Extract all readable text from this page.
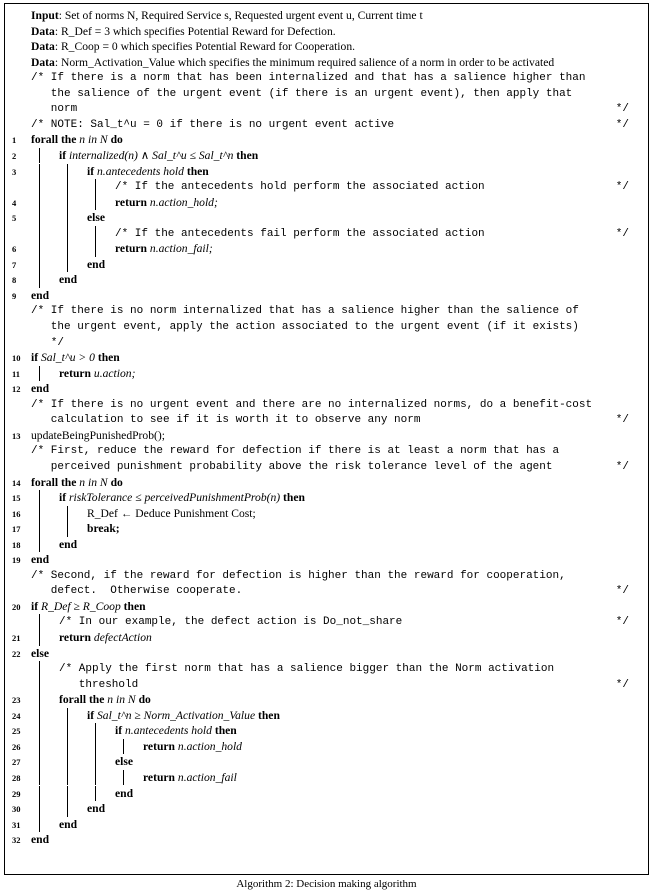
Input: Set of norms N, Required Service s, Requested urgent event u, Current time t
Data: R_Def = 3 which specifies Potential Reward for Defection.
Data: R_Coop = 0 which specifies Potential Reward for Cooperation.
Data: Norm_Activation_Value which specifies the minimum required salience of a norm in order to be activated
/* If there is a norm that has been internalized and that has a salience higher than
the salience of the urgent event (if there is an urgent event), then apply that
norm	*/
/* NOTE: Sal_t^u = 0 if there is no urgent event active	*/
1	forall the n in N do
2	if internalized(n) ∧ Sal_t^u ≤ Sal_t^n then
3	if n.antecedents hold then
/* If the antecedents hold perform the associated action	*/
4	return n.action_hold;
5	else
/* If the antecedents fail perform the associated action	*/
6	return n.action_fail;
7	end
8	end
9	end
/* If there is no norm internalized that has a salience higher than the salience of
the urgent event, apply the action associated to the urgent event (if it exists)
*/
10 if Sal_t^u > 0 then
11	return u.action;
12 end
/* If there is no urgent event and there are no internalized norms, do a benefit-cost
calculation to see if it is worth it to observe any norm	*/
13 updateBeingPunishedProb();
/* First, reduce the reward for defection if there is at least a norm that has a
perceived punishment probability above the risk tolerance level of the agent	*/
14 forall the n in N do
15	if riskTolerance ≤ perceivedPunishmentProb(n) then
16	R_Def ← Deduce Punishment Cost;
17	break;
18	end
19 end
/* Second, if the reward for defection is higher than the reward for cooperation,
defect.  Otherwise cooperate.	*/
20 if R_Def ≥ R_Coop then
/* In our example, the defect action is Do_not_share	*/
21	return defectAction
22 else
/* Apply the first norm that has a salience bigger than the Norm activation
threshold	*/
23	forall the n in N do
24	if Sal_t^n ≥ Norm_Activation_Value then
25	if n.antecedents hold then
26	return n.action_hold
27	else
28	return n.action_fail
29	end
30	end
31	end
32 end
Algorithm 2: Decision making algorithm
